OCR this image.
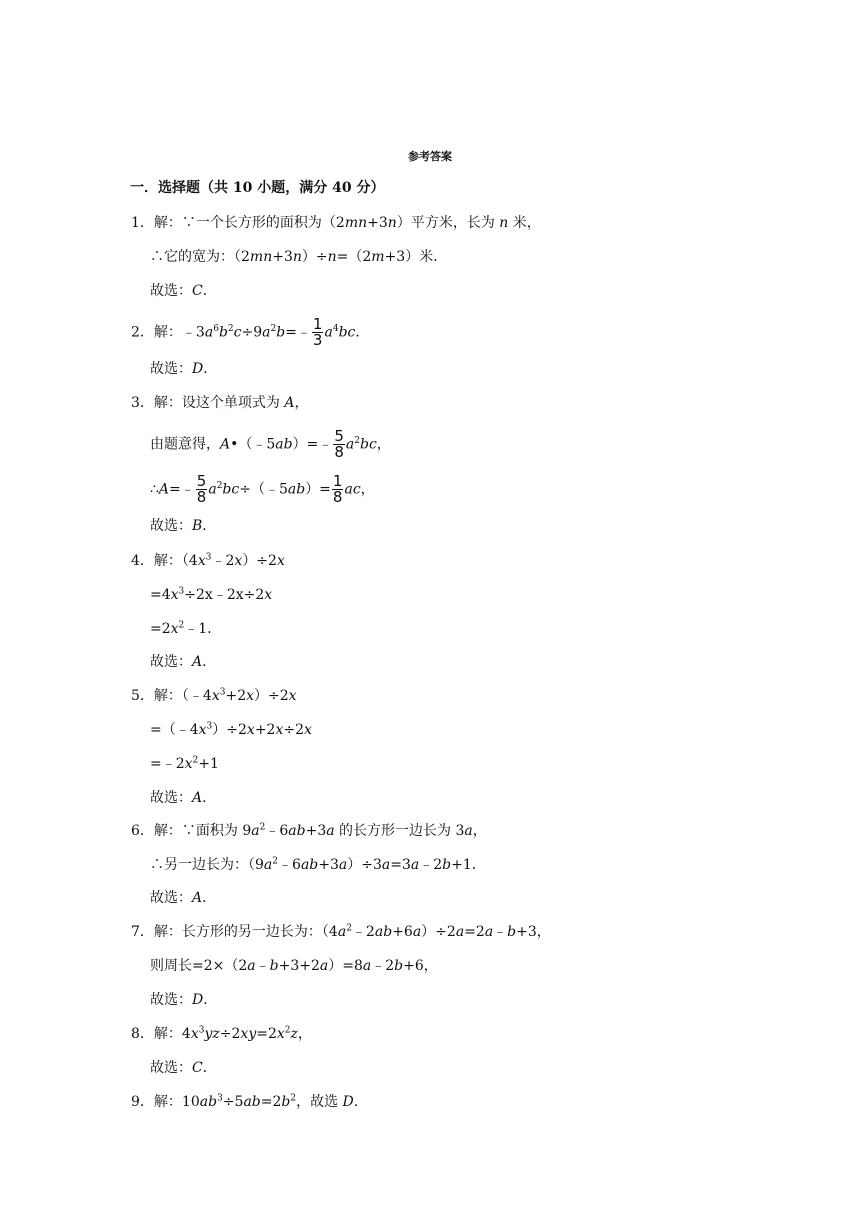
参考答案
一．选择题（共 10 小题，满分 40 分）
1．解：∵一个长方形的面积为（2mn+3n）平方米，长为 n 米，
∴它的宽为：（2mn+3n）÷n=（2m+3）米．
故选：C．
2．解：$﹣3a^6b^2c\div 9a^2b=﹣ \frac{1}{3} a^4bc$．
故选：D．
3．解：设这个单项式为 A，
由题意得，A•（﹣5ab）=﹣ $\frac{5}{8} a^2bc$，
∴A=﹣ $\frac{5}{8}$ $a^2bc\div(﹣5ab)= \frac{1}{8}$ ac，
故选：B．
4．解：$(4x^3﹣2x)\div 2x$
$=4x^3\div 2x﹣2x\div 2x$
$=2x^2﹣1$．
故选：A．
5．解：$(﹣4x^3+2x)\div 2x$
$=(﹣4x^3)\div 2x+2x\div 2x$
$=﹣2x^2+1$
故选：A．
6．解：∵面积为 $9a^2﹣6ab+3a$ 的长方形一边长为 3a，
∴另一边长为：$(9a^2﹣6ab+3a)\div 3a=3a﹣2b+1$．
故选：A．
7．解：长方形的另一边长为：$(4a^2﹣2ab+6a)\div 2a=2a﹣b+3$，
则周长=2×（2a﹣b+3+2a）=8a﹣2b+6，
故选：D．
8．解：$4x^3yz\div 2xy=2x^2z$，
故选：C．
9．解：$10ab^3\div 5ab=2b^2$，故选 D．
